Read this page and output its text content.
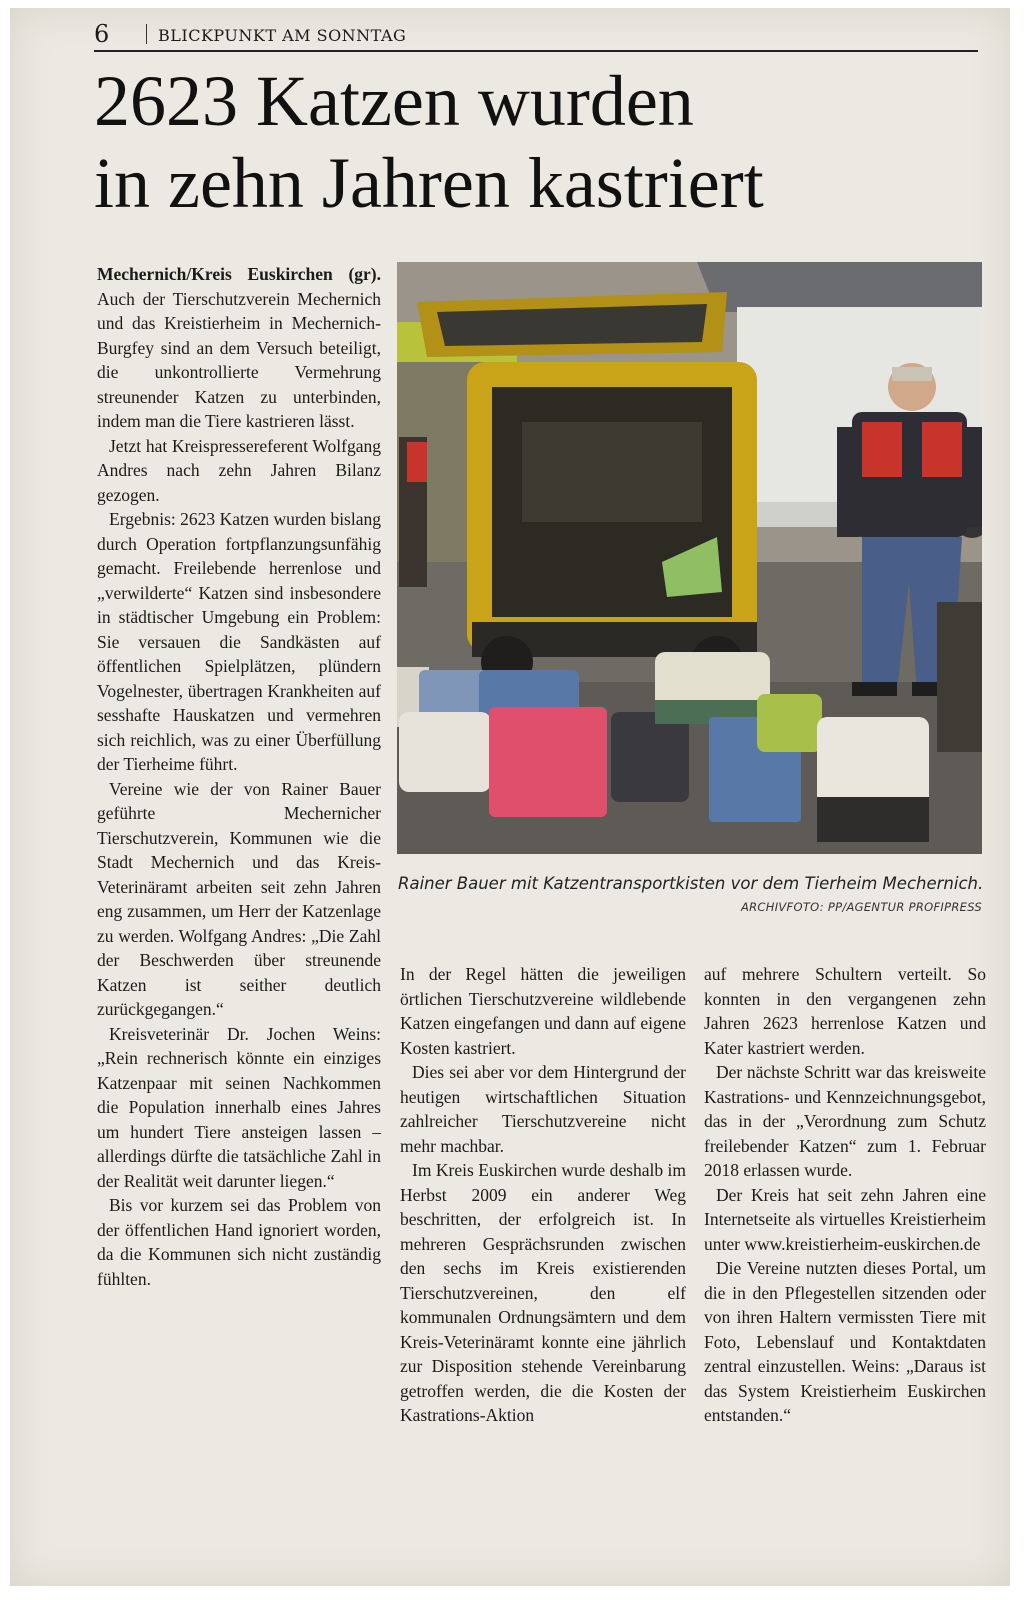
6	BLICKPUNKT AM SONNTAG
2623 Katzen wurden
in zehn Jahren kastriert

Mechernich/Kreis Euskirchen (gr). Auch der Tierschutzverein Mechernich und das Kreistierheim in Mechernich-Burgfey sind an dem Versuch beteiligt, die unkontrollierte Vermehrung streunender Katzen zu unterbinden, indem man die Tiere kastrieren lässt.

Jetzt hat Kreispressereferent Wolfgang Andres nach zehn Jahren Bilanz gezogen.

Ergebnis: 2623 Katzen wurden bislang durch Operation fortpflanzungsunfähig gemacht. Freilebende herrenlose und „verwilderte“ Katzen sind insbesondere in städtischer Umgebung ein Problem: Sie versauen die Sandkästen auf öffentlichen Spielplätzen, plündern Vogelnester, übertragen Krankheiten auf sesshafte Hauskatzen und vermehren sich reichlich, was zu einer Überfüllung der Tierheime führt.

Vereine wie der von Rainer Bauer geführte Mechernicher Tierschutzverein, Kommunen wie die Stadt Mechernich und das Kreis-Veterinäramt arbeiten seit zehn Jahren eng zusammen, um Herr der Katzenlage zu werden. Wolfgang Andres: „Die Zahl der Beschwerden über streunende Katzen ist seither deutlich zurückgegangen.“

Kreisveterinär Dr. Jochen Weins: „Rein rechnerisch könnte ein einziges Katzenpaar mit seinen Nachkommen die Population innerhalb eines Jahres um hundert Tiere ansteigen lassen – allerdings dürfte die tatsächliche Zahl in der Realität weit darunter liegen.“

Bis vor kurzem sei das Problem von der öffentlichen Hand ignoriert worden, da die Kommunen sich nicht zuständig fühlten.

Rainer Bauer mit Katzentransportkisten vor dem Tierheim Mechernich.
ARCHIVFOTO: PP/AGENTUR PROFIPRESS

In der Regel hätten die jeweiligen örtlichen Tierschutzvereine wildlebende Katzen eingefangen und dann auf eigene Kosten kastriert.

Dies sei aber vor dem Hintergrund der heutigen wirtschaftlichen Situation zahlreicher Tierschutzvereine nicht mehr machbar.

Im Kreis Euskirchen wurde deshalb im Herbst 2009 ein anderer Weg beschritten, der erfolgreich ist. In mehreren Gesprächsrunden zwischen den sechs im Kreis existierenden Tierschutzvereinen, den elf kommunalen Ordnungsämtern und dem Kreis-Veterinäramt konnte eine jährlich zur Disposition stehende Vereinbarung getroffen werden, die die Kosten der Kastrations-Aktion

auf mehrere Schultern verteilt. So konnten in den vergangenen zehn Jahren 2623 herrenlose Katzen und Kater kastriert werden.

Der nächste Schritt war das kreisweite Kastrations- und Kennzeichnungsgebot, das in der „Verordnung zum Schutz freilebender Katzen“ zum 1. Februar 2018 erlassen wurde.

Der Kreis hat seit zehn Jahren eine Internetseite als virtuelles Kreistierheim unter www.kreistierheim-euskirchen.de

Die Vereine nutzten dieses Portal, um die in den Pflegestellen sitzenden oder von ihren Haltern vermissten Tiere mit Foto, Lebenslauf und Kontaktdaten zentral einzustellen. Weins: „Daraus ist das System Kreistierheim Euskirchen entstanden.“
